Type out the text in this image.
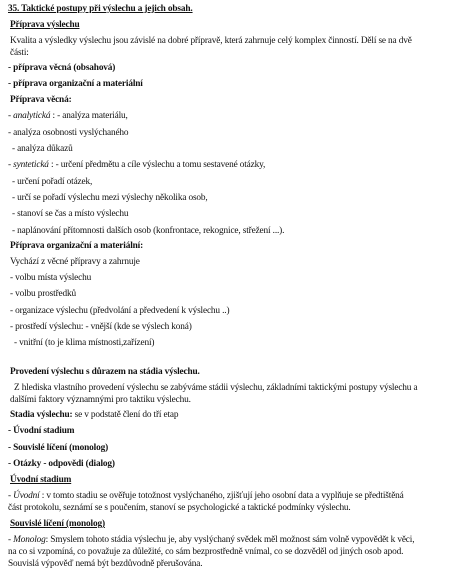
35. Taktické postupy při výslechu a jejich obsah.
Příprava výslechu
Kvalita a výsledky výslechu jsou závislé na dobré přípravě, která zahrnuje celý komplex činností. Dělí se na dvě
části:
- příprava věcná (obsahová)
- příprava organizační a materiální
Příprava věcná:
- analytická : - analýza materiálu,
- analýza osobnosti vyslýchaného
- analýza důkazů
- syntetická : - určení předmětu a cíle výslechu a tomu sestavené otázky,
- určení pořadí otázek,
- určí se pořadí výslechu mezi výslechy několika osob,
- stanoví se čas a místo výslechu
- naplánování přítomnosti dalších osob (konfrontace, rekognice, střežení ...).
Příprava organizační a materiální:
Vychází z věcné přípravy a zahrnuje
- volbu místa výslechu
- volbu prostředků
- organizace výslechu (předvolání a předvedení k výslechu ..)
- prostředí výslechu: - vnější (kde se výslech koná)
- vnitřní (to je klima místnosti,zařízení)
Provedení výslechu s důrazem na stádia výslechu.
Z hlediska vlastního provedení výslechu se zabýváme stádii výslechu, základními taktickými postupy výslechu a
dalšími faktory významnými pro taktiku výslechu.
Stadia výslechu: se v podstatě člení do tří etap
- Úvodní stadium
- Souvislé líčení (monolog)
- Otázky - odpovědi (dialog)
Úvodní stadium
- Úvodní : v tomto stadiu se ověřuje totožnost vyslýchaného, zjišťují jeho osobní data a vyplňuje se předtištěná
část protokolu, seznámí se s poučením, stanoví se psychologické a taktické podmínky výslechu.
Souvislé líčení (monolog)
- Monolog: Smyslem tohoto stádia výslechu je, aby vyslýchaný svědek měl možnost sám volně vypovědět k věci,
na co si vzpomíná, co považuje za důležité, co sám bezprostředně vnímal, co se dozvěděl od jiných osob apod.
Souvislá výpověď nemá být bezdůvodně přerušována.
